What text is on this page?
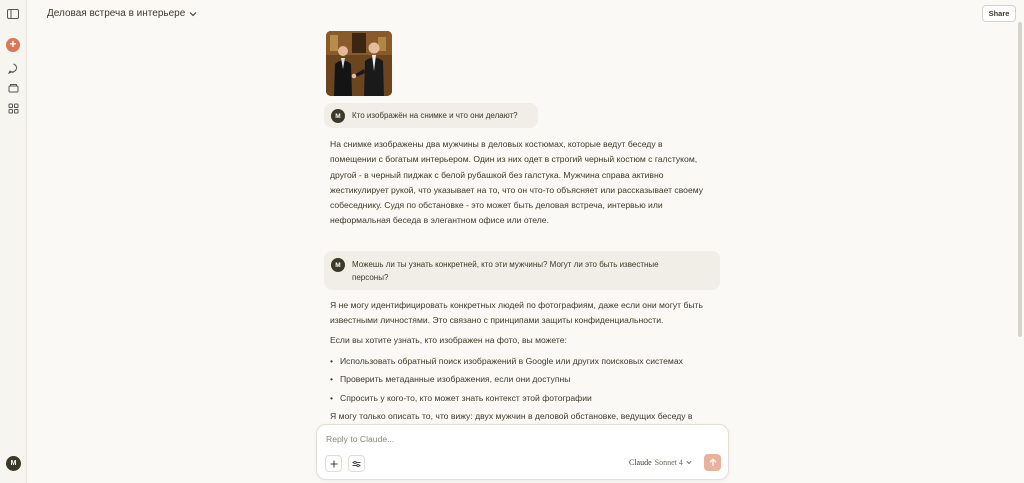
+
M
Деловая встреча в интерьере	Share
M	Кто изображён на снимке и что они делают?
На снимке изображены два мужчины в деловых костюмах, которые ведут беседу в помещении с богатым интерьером. Один из них одет в строгий черный костюм с галстуком, другой - в черный пиджак с белой рубашкой без галстука. Мужчина справа активно жестикулирует рукой, что указывает на то, что он что-то объясняет или рассказывает своему собеседнику. Судя по обстановке - это может быть деловая встреча, интервью или неформальная беседа в элегантном офисе или отеле.
M	Можешь ли ты узнать конкретней, кто эти мужчины? Могут ли это быть известные персоны?
Я не могу идентифицировать конкретных людей по фотографиям, даже если они могут быть известными личностями. Это связано с принципами защиты конфиденциальности.
Если вы хотите узнать, кто изображен на фото, вы можете:
• Использовать обратный поиск изображений в Google или других поисковых системах
• Проверить метаданные изображения, если они доступны
• Спросить у кого-то, кто может знать контекст этой фотографии
Я могу только описать то, что вижу: двух мужчин в деловой обстановке, ведущих беседу в
Reply to Claude...
Claude Sonnet 4
